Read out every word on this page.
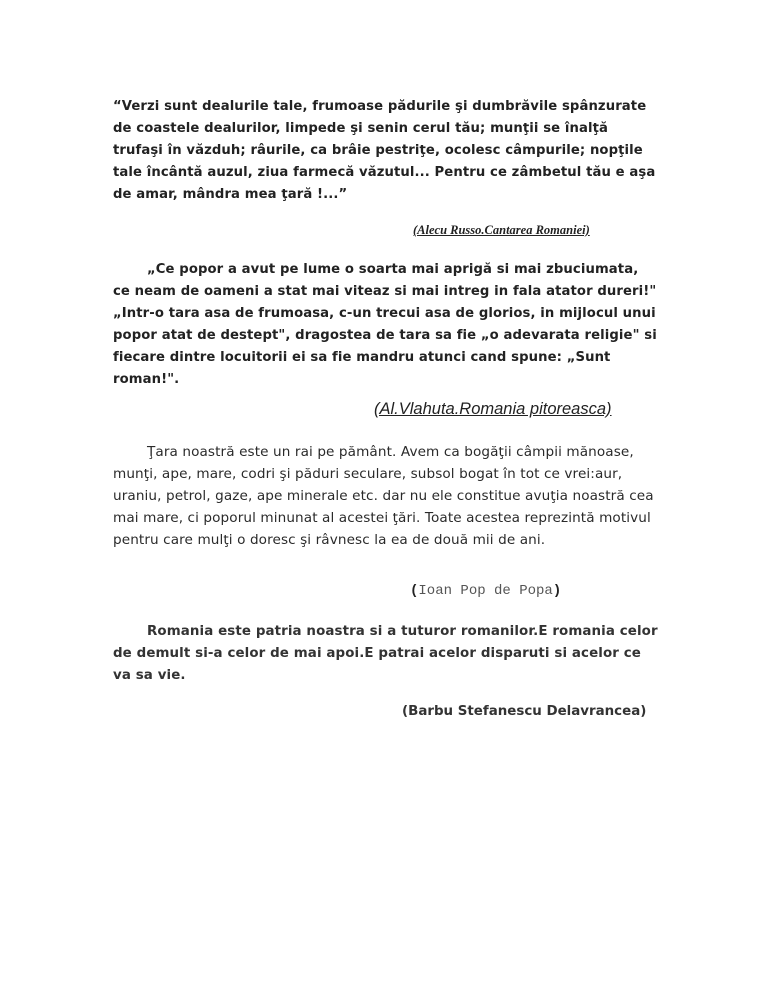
“Verzi sunt dealurile tale, frumoase pădurile şi dumbrăvile spânzurate de coastele dealurilor, limpede şi senin cerul tău; munţii se înalţă trufaşi în văzduh; râurile, ca brâie pestriţe, ocolesc câmpurile; nopţile tale încântă auzul, ziua farmecă văzutul... Pentru ce zâmbetul tău e aşa de amar, mândra mea ţară !...”

(Alecu Russo.Cantarea Romaniei)

„Ce popor a avut pe lume o soarta mai aprigă si mai zbuciumata, ce neam de oameni a stat mai viteaz si mai intreg in fala atator dureri!" „Intr-o tara asa de frumoasa, c-un trecui asa de glorios, in mijlocul unui popor atat de destept", dragostea de tara sa fie „o adevarata religie" si fiecare dintre locuitorii ei sa fie mandru atunci cand spune: „Sunt roman!".

(Al.Vlahuta.Romania pitoreasca)

Ţara noastră este un rai pe pământ. Avem ca bogăţii câmpii mănoase, munţi, ape, mare, codri şi păduri seculare, subsol bogat în tot ce vrei:aur, uraniu, petrol, gaze, ape minerale etc. dar nu ele constitue avuţia noastră cea mai mare, ci poporul minunat al acestei ţări. Toate acestea reprezintă motivul pentru care mulţi o doresc şi râvnesc la ea de două mii de ani.

(Ioan Pop de Popa)

Romania este patria noastra si a tuturor romanilor.E romania celor de demult si-a celor de mai apoi.E patrai acelor disparuti si acelor ce va sa vie.

(Barbu Stefanescu Delavrancea)
